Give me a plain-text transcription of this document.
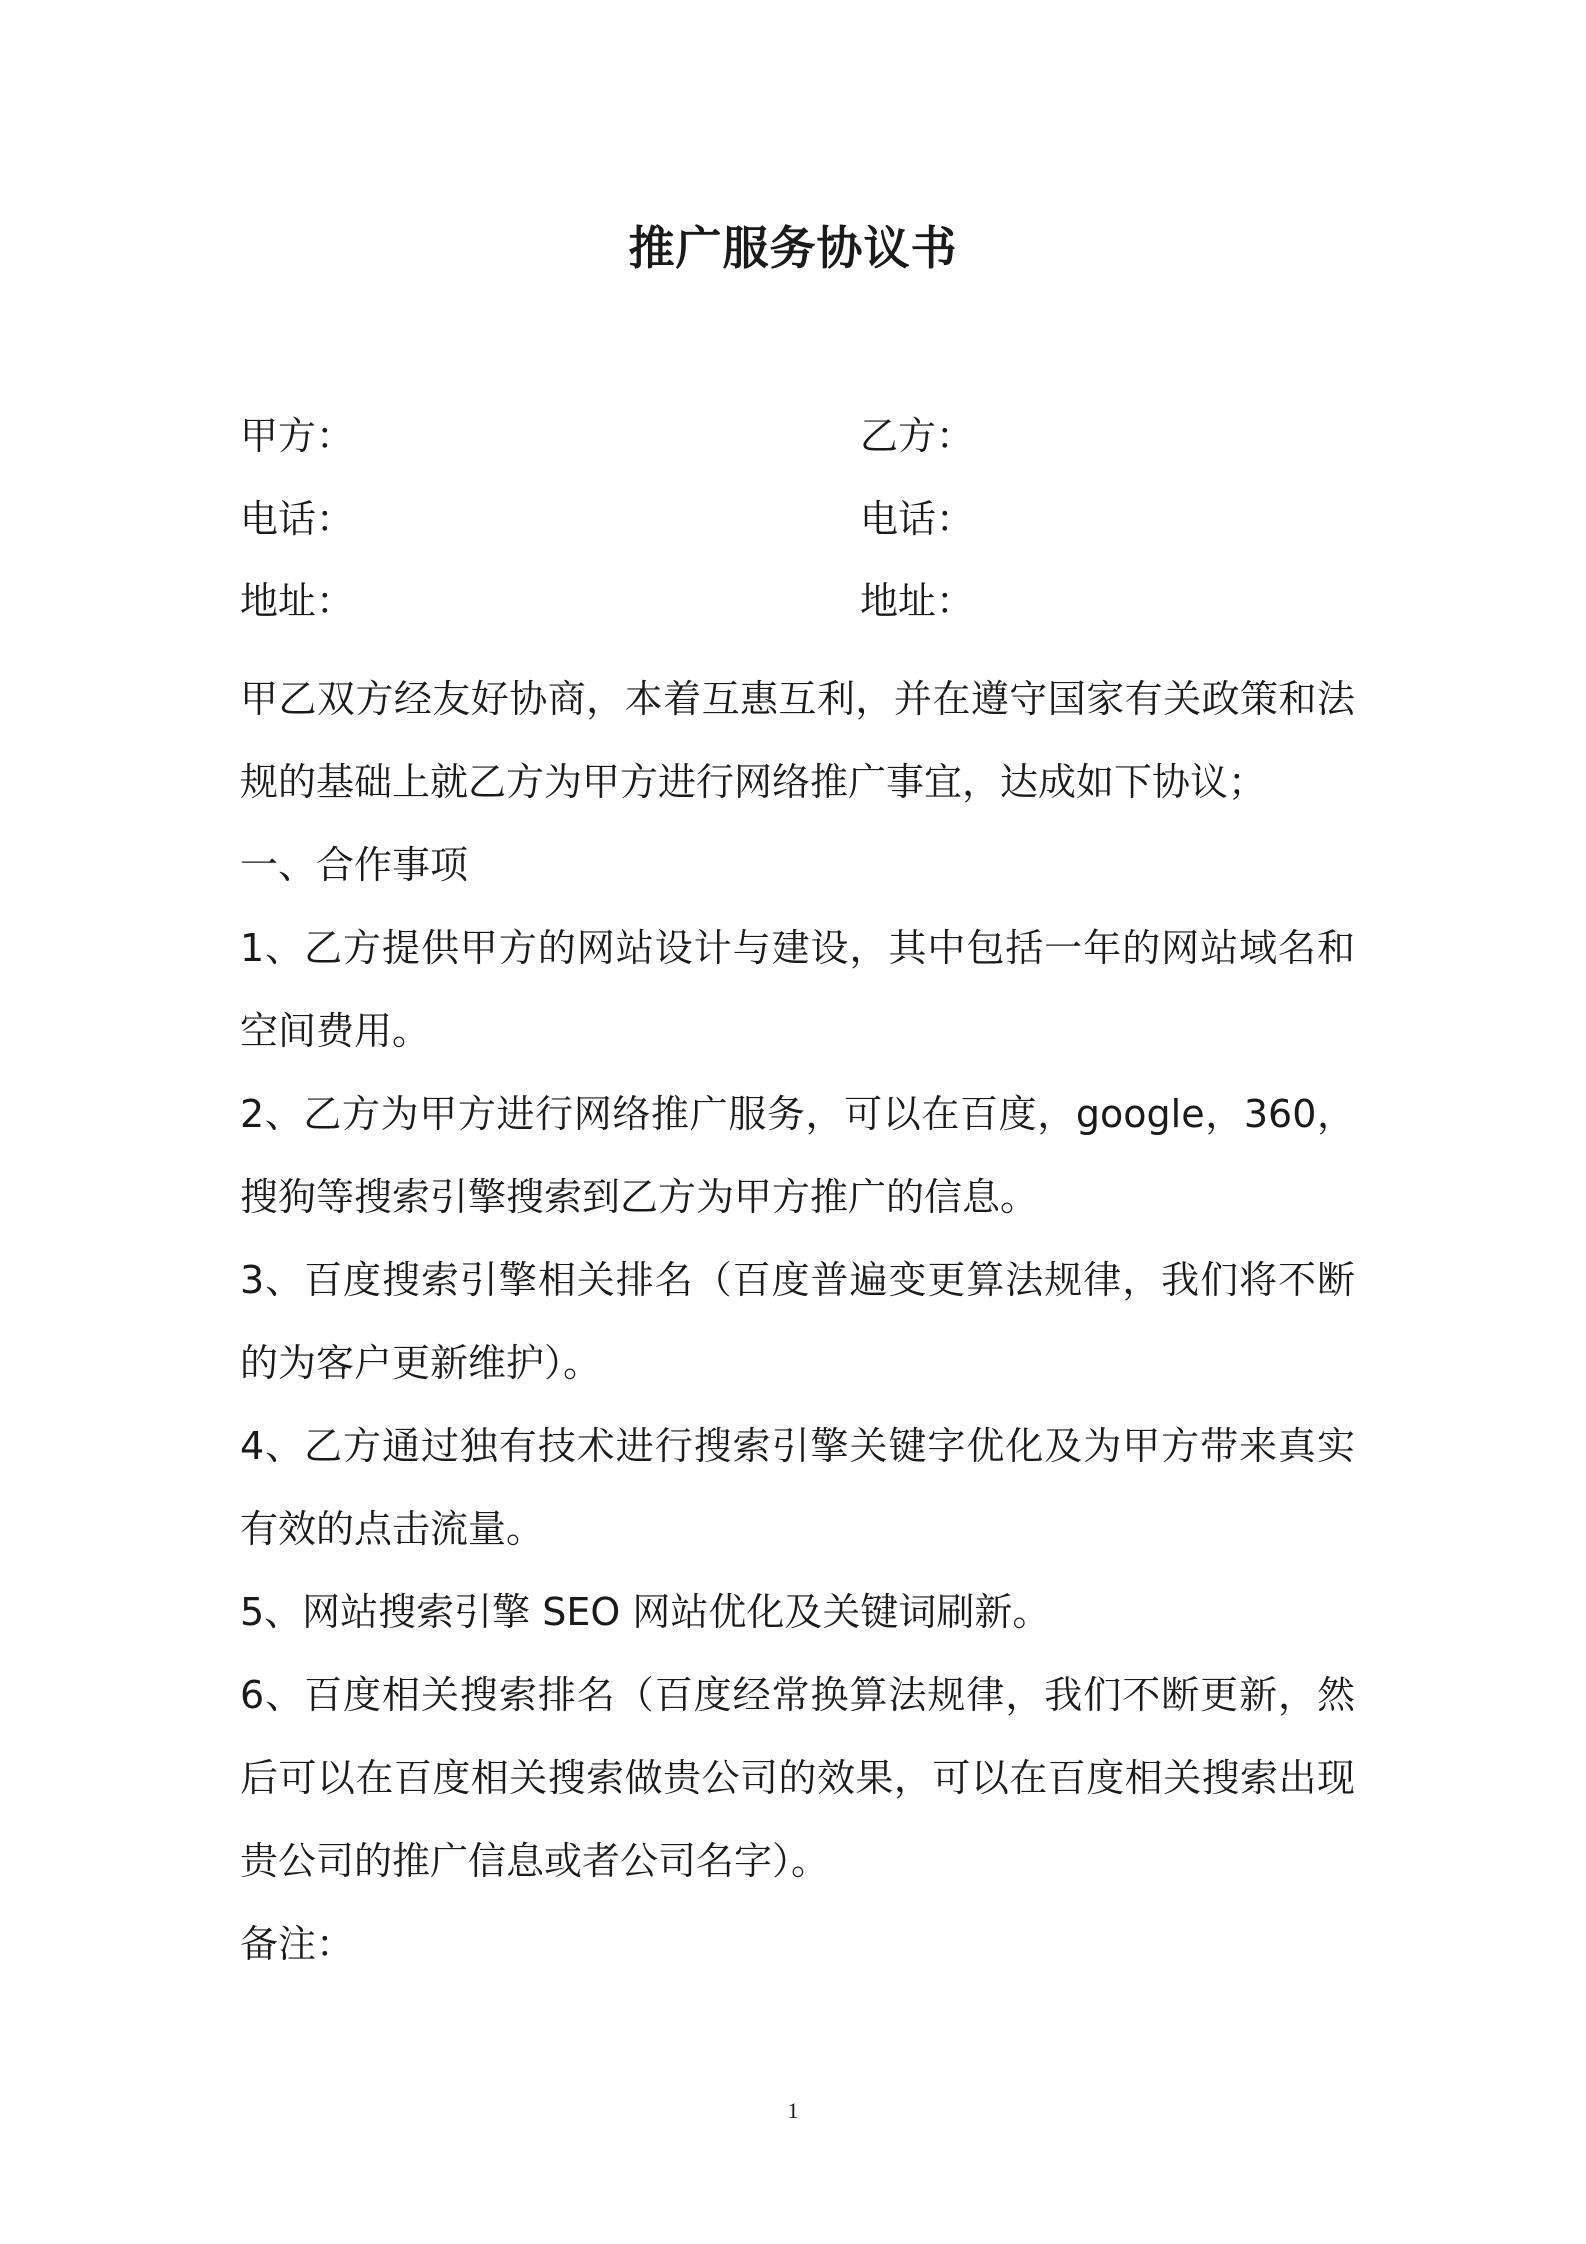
推广服务协议书
甲方：	乙方：
电话：	电话：
地址：	地址：

甲乙双方经友好协商，本着互惠互利，并在遵守国家有关政策和法规的基础上就乙方为甲方进行网络推广事宜，达成如下协议；

一、合作事项

1、乙方提供甲方的网站设计与建设，其中包括一年的网站域名和空间费用。

2、乙方为甲方进行网络推广服务，可以在百度，google，360，搜狗等搜索引擎搜索到乙方为甲方推广的信息。

3、百度搜索引擎相关排名（百度普遍变更算法规律，我们将不断的为客户更新维护）。

4、乙方通过独有技术进行搜索引擎关键字优化及为甲方带来真实有效的点击流量。

5、网站搜索引擎 SEO 网站优化及关键词刷新。

6、百度相关搜索排名（百度经常换算法规律，我们不断更新，然后可以在百度相关搜索做贵公司的效果，可以在百度相关搜索出现贵公司的推广信息或者公司名字）。

备注：

1
